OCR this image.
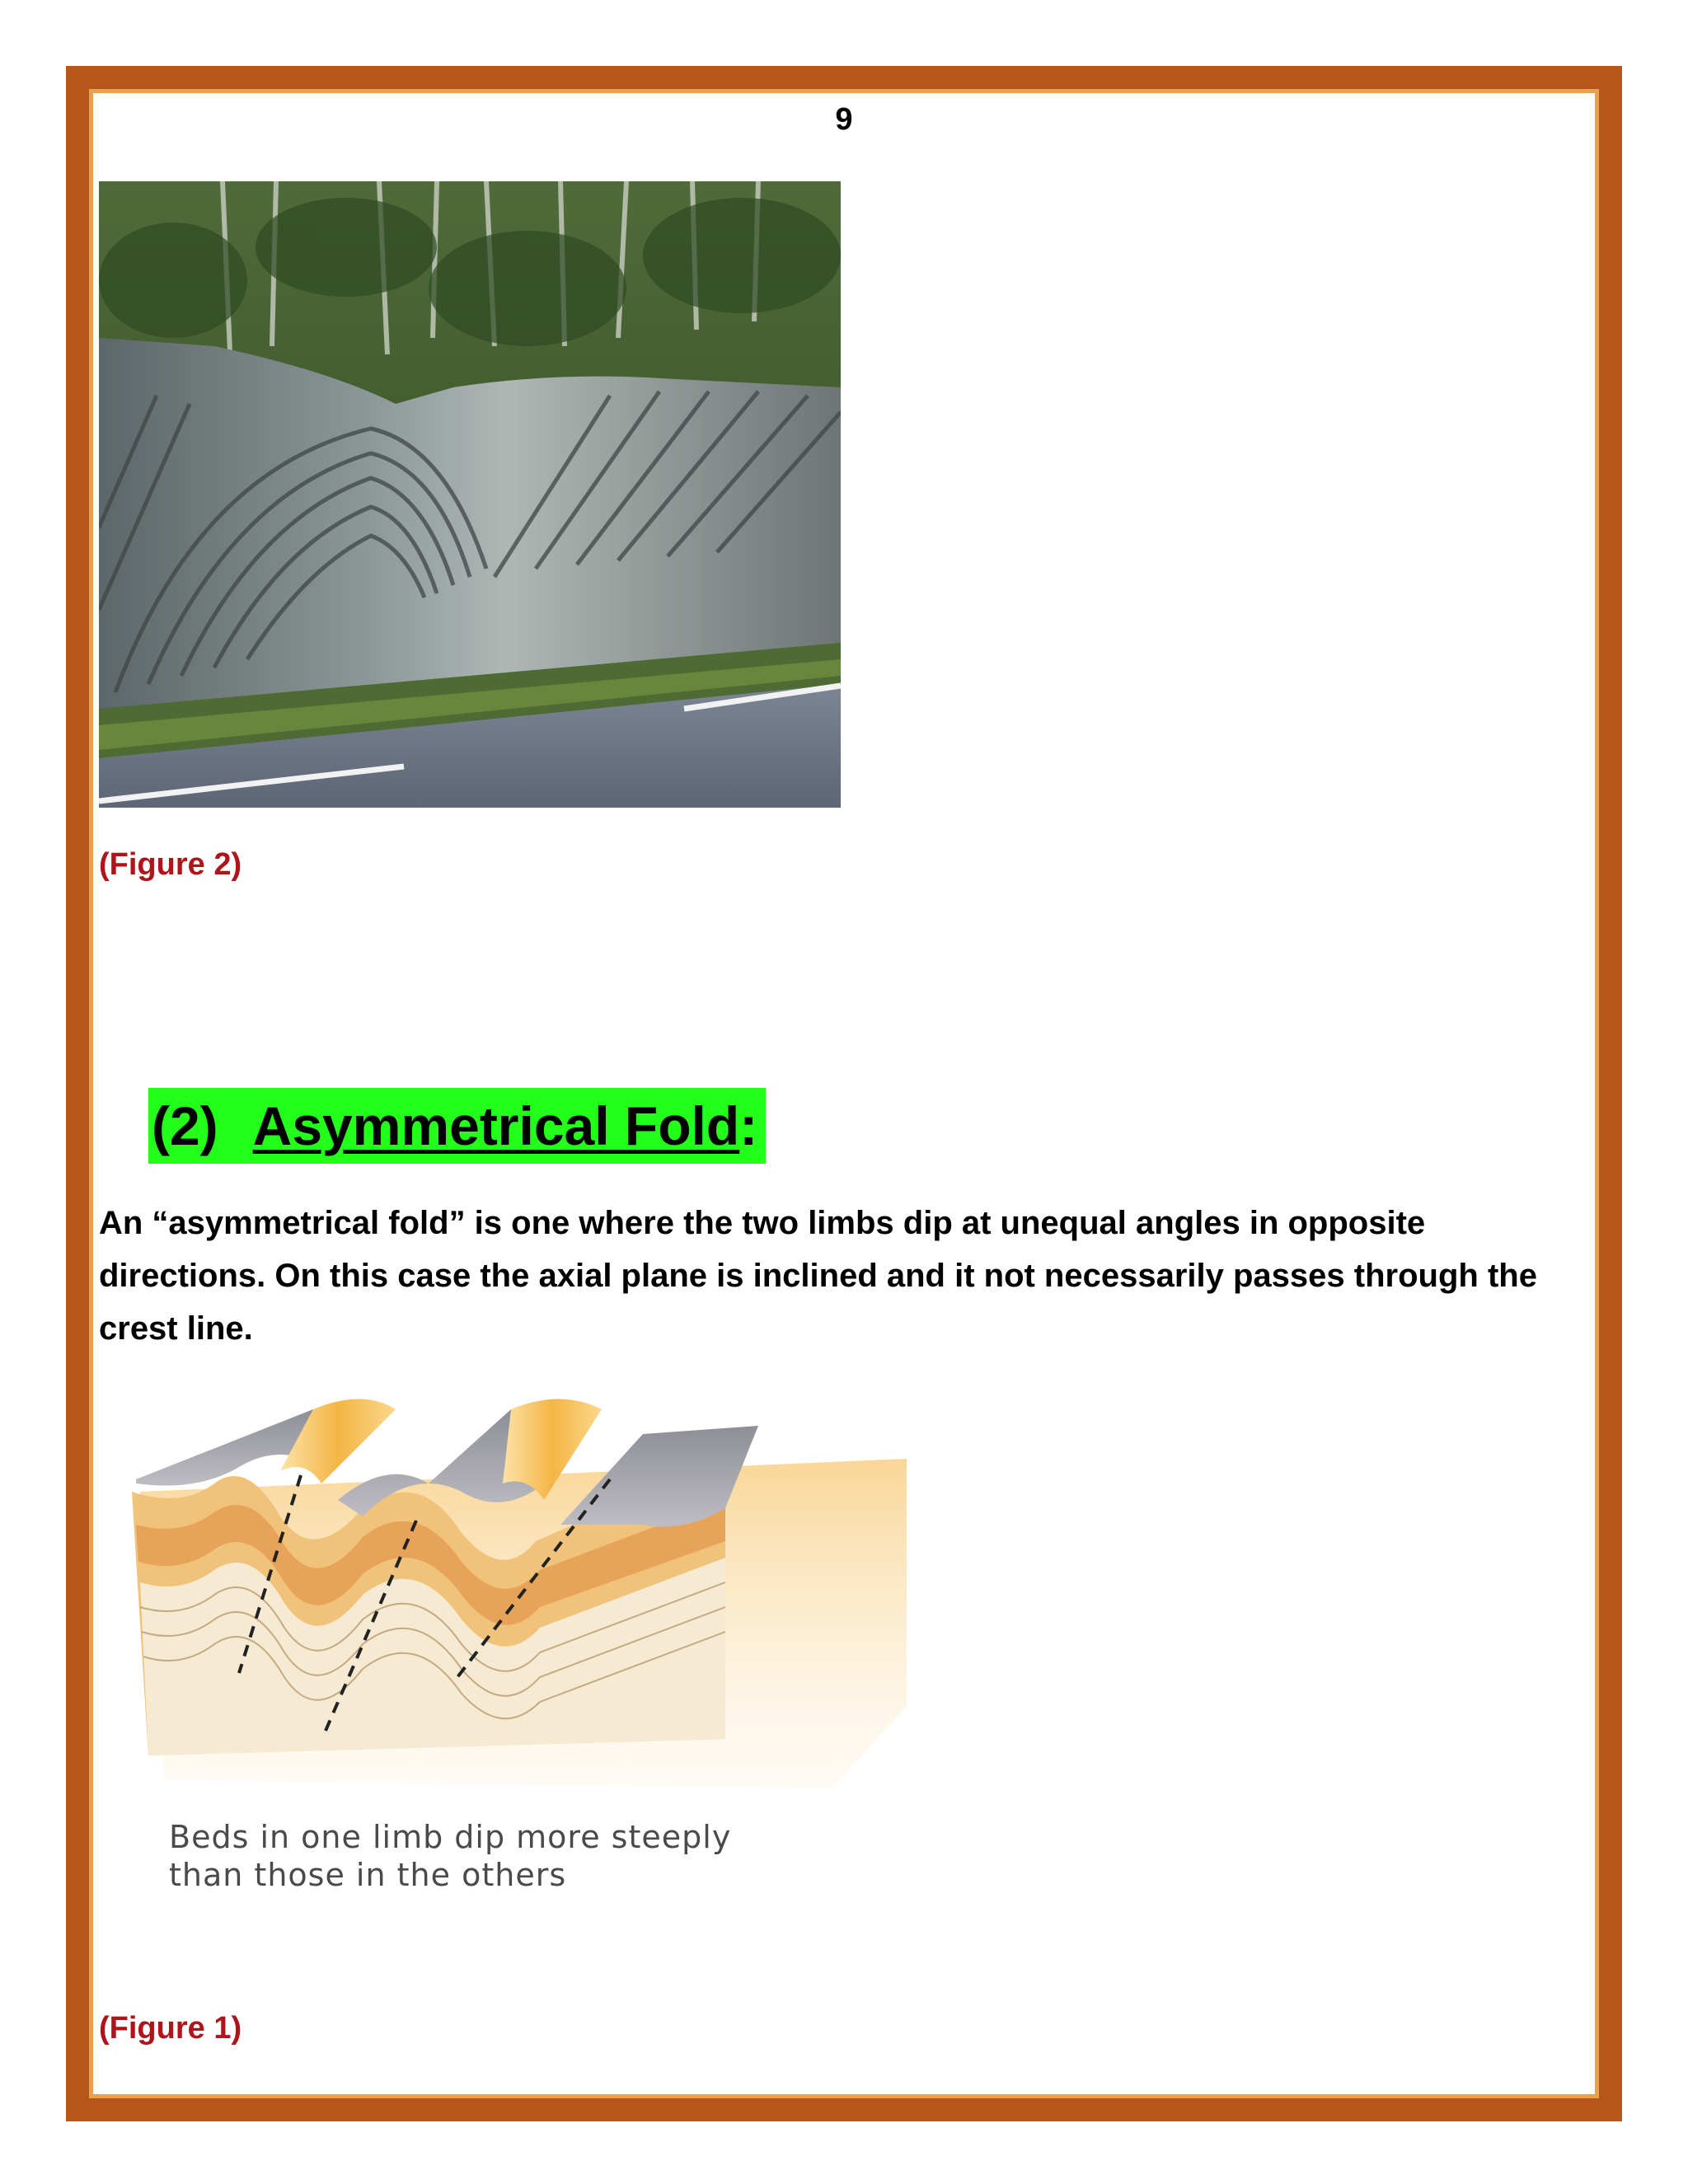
9
(Figure 2)
(2) Asymmetrical Fold :
An “asymmetrical fold” is one where the two limbs dip at unequal angles in opposite directions. On this case the axial plane is inclined and it not necessarily passes through the crest line.
Beds in one limb dip more steeply than those in the others
(Figure 1)
